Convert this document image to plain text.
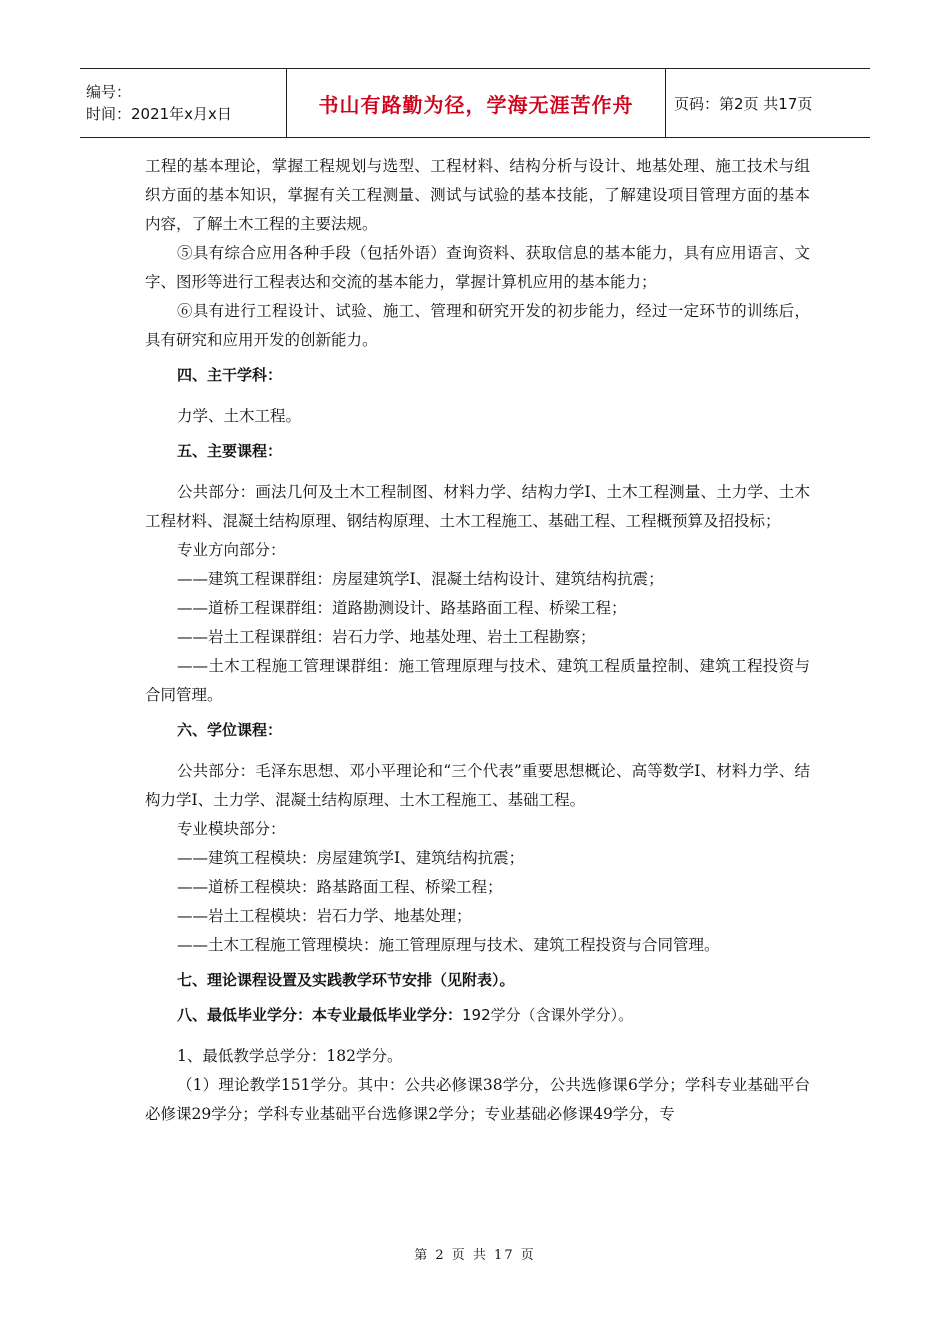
编号：
时间：2021年x月x日	书山有路勤为径，学海无涯苦作舟	页码：第2页 共17页

工程的基本理论，掌握工程规划与选型、工程材料、结构分析与设计、地基处理、施工技术与组织方面的基本知识，掌握有关工程测量、测试与试验的基本技能，了解建设项目管理方面的基本内容，了解土木工程的主要法规。

⑤具有综合应用各种手段（包括外语）查询资料、获取信息的基本能力，具有应用语言、文字、图形等进行工程表达和交流的基本能力，掌握计算机应用的基本能力；

⑥具有进行工程设计、试验、施工、管理和研究开发的初步能力，经过一定环节的训练后，具有研究和应用开发的创新能力。

四、主干学科：

力学、土木工程。

五、主要课程：

公共部分：画法几何及土木工程制图、材料力学、结构力学Ⅰ、土木工程测量、土力学、土木工程材料、混凝土结构原理、钢结构原理、土木工程施工、基础工程、工程概预算及招投标；

专业方向部分：

——建筑工程课群组：房屋建筑学Ⅰ、混凝土结构设计、建筑结构抗震；

——道桥工程课群组：道路勘测设计、路基路面工程、桥梁工程；

——岩土工程课群组：岩石力学、地基处理、岩土工程勘察；

——土木工程施工管理课群组：施工管理原理与技术、建筑工程质量控制、建筑工程投资与合同管理。

六、学位课程：

公共部分：毛泽东思想、邓小平理论和“三个代表”重要思想概论、高等数学Ⅰ、材料力学、结构力学Ⅰ、土力学、混凝土结构原理、土木工程施工、基础工程。

专业模块部分：

——建筑工程模块：房屋建筑学Ⅰ、建筑结构抗震；

——道桥工程模块：路基路面工程、桥梁工程；

——岩土工程模块：岩石力学、地基处理；

——土木工程施工管理模块：施工管理原理与技术、建筑工程投资与合同管理。

七、理论课程设置及实践教学环节安排（见附表）。

八、最低毕业学分：本专业最低毕业学分：192学分（含课外学分）。

1、最低教学总学分：182学分。

（1）理论教学151学分。其中：公共必修课38学分，公共选修课6学分；学科专业基础平台必修课29学分；学科专业基础平台选修课2学分；专业基础必修课49学分，专

第 2 页 共 17 页
